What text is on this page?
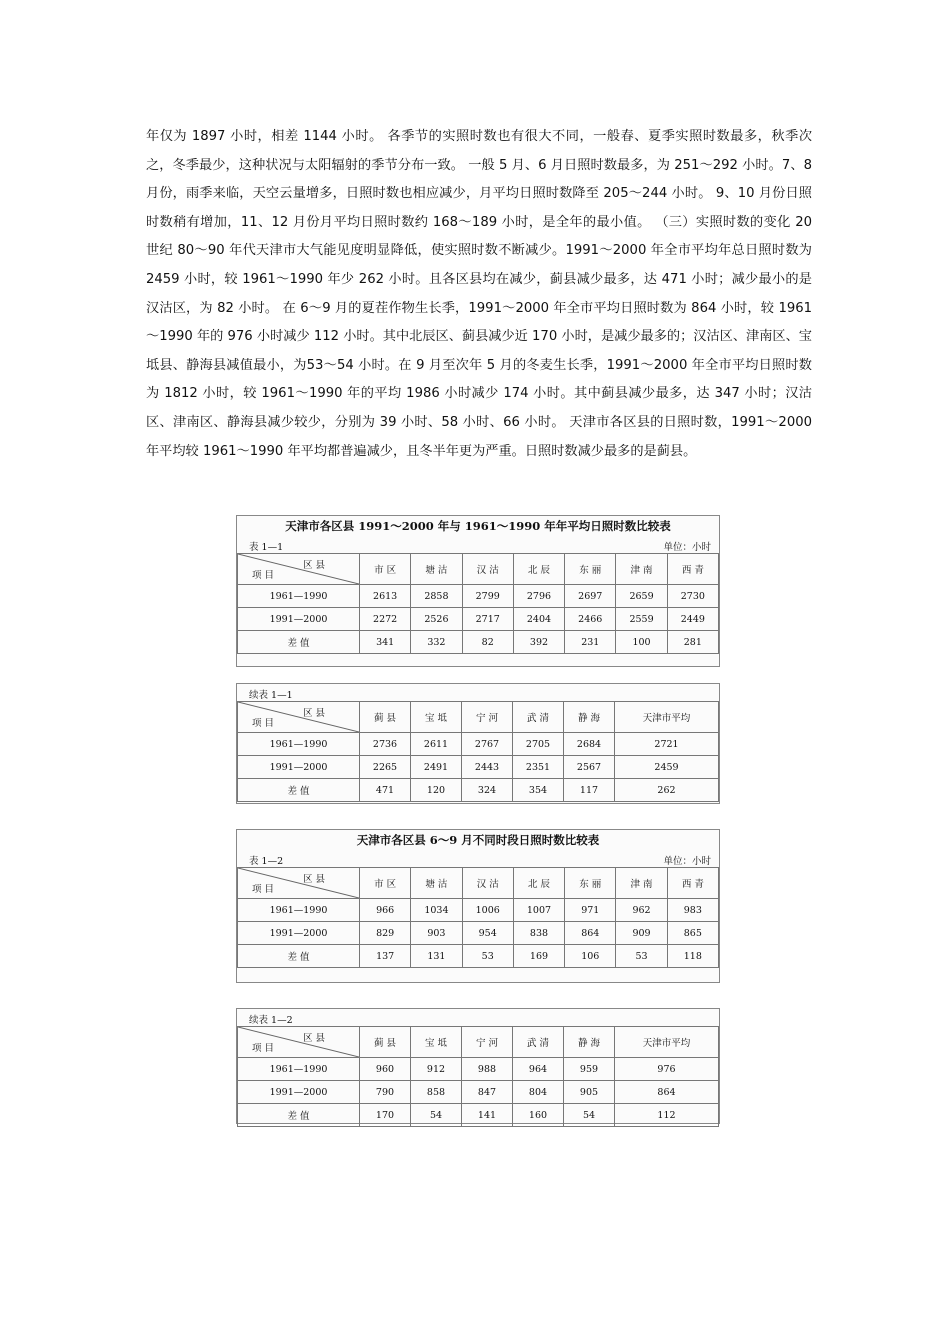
年仅为 1897 小时，相差 1144 小时。 各季节的实照时数也有很大不同，一般春、夏季实照时数最多，秋季次之，冬季最少，这种状况与太阳辐射的季节分布一致。 一般 5 月、6 月日照时数最多，为 251～292 小时。7、8 月份，雨季来临，天空云量增多，日照时数也相应减少，月平均日照时数降至 205～244 小时。 9、10 月份日照时数稍有增加，11、12 月份月平均日照时数约 168～189 小时，是全年的最小值。 （三）实照时数的变化 20 世纪 80～90 年代天津市大气能见度明显降低，使实照时数不断减少。1991～2000 年全市平均年总日照时数为 2459 小时，较 1961～1990 年少 262 小时。且各区县均在减少，蓟县减少最多，达 471 小时；减少最小的是汉沽区，为 82 小时。 在 6～9 月的夏茬作物生长季，1991～2000 年全市平均日照时数为 864 小时，较 1961～1990 年的 976 小时减少 112 小时。其中北辰区、蓟县减少近 170 小时，是减少最多的；汉沽区、津南区、宝坻县、静海县减值最小，为53～54 小时。在 9 月至次年 5 月的冬麦生长季，1991～2000 年全市平均日照时数为 1812 小时，较 1961～1990 年的平均 1986 小时减少 174 小时。其中蓟县减少最多，达 347 小时；汉沽区、津南区、静海县减少较少，分别为 39 小时、58 小时、66 小时。 天津市各区县的日照时数，1991～2000 年平均较 1961～1990 年平均都普遍减少，且冬半年更为严重。日照时数减少最多的是蓟县。

天津市各区县 1991～2000 年与 1961～1990 年年平均日照时数比较表
表 1—1	单位：小时
区 县
项 目	市 区	塘 沽	汉 沽	北 辰	东 丽	津 南	西 青
1961—1990	2613	2858	2799	2796	2697	2659	2730
1991—2000	2272	2526	2717	2404	2466	2559	2449
差 值	341	332	82	392	231	100	281
续表 1—1
区 县
项 目	蓟 县	宝 坻	宁 河	武 清	静 海	天津市平均
1961—1990	2736	2611	2767	2705	2684	2721
1991—2000	2265	2491	2443	2351	2567	2459
差 值	471	120	324	354	117	262
天津市各区县 6～9 月不同时段日照时数比较表
表 1—2	单位：小时
区 县
项 目	市 区	塘 沽	汉 沽	北 辰	东 丽	津 南	西 青
1961—1990	966	1034	1006	1007	971	962	983
1991—2000	829	903	954	838	864	909	865
差 值	137	131	53	169	106	53	118
续表 1—2
区 县
项 目	蓟 县	宝 坻	宁 河	武 清	静 海	天津市平均
1961—1990	960	912	988	964	959	976
1991—2000	790	858	847	804	905	864
差 值	170	54	141	160	54	112
